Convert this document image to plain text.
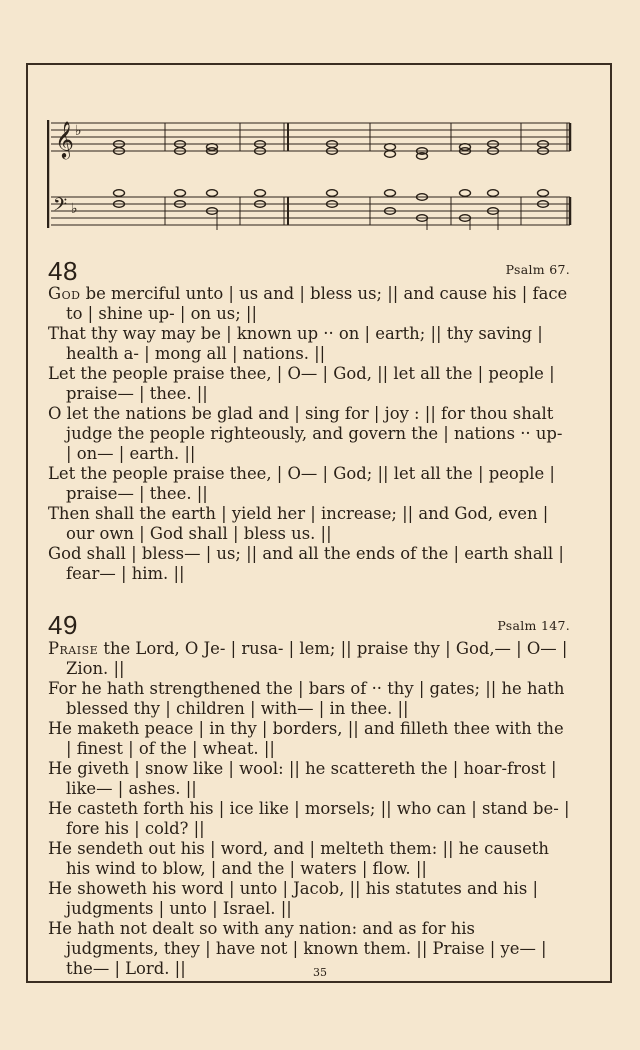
𝄞 ♭
𝄢 ♭
48	Psalm 67.

God be merciful unto | us and | bless us; || and cause his | face to | shine up- | on us; ||

That thy way may be | known up ·· on | earth; || thy saving | health a- | mong all | nations. ||

Let the people praise thee, | O— | God, || let all the | people | praise— | thee. ||

O let the nations be glad and | sing for | joy : || for thou shalt judge the people righteously, and govern the | nations ·· up- | on— | earth. ||

Let the people praise thee, | O— | God; || let all the | people | praise— | thee. ||

Then shall the earth | yield her | increase; || and God, even | our own | God shall | bless us. ||

God shall | bless— | us; || and all the ends of the | earth shall | fear— | him. ||

49	Psalm 147.

Praise the Lord, O Je- | rusa- | lem; || praise thy | God,— | O— | Zion. ||

For he hath strengthened the | bars of ·· thy | gates; || he hath blessed thy | children | with— | in thee. ||

He maketh peace | in thy | borders, || and filleth thee with the | finest | of the | wheat. ||

He giveth | snow like | wool: || he scattereth the | hoar-frost | like— | ashes. ||

He casteth forth his | ice like | morsels; || who can | stand be- | fore his | cold? ||

He sendeth out his | word, and | melteth them: || he causeth his wind to blow, | and the | waters | flow. ||

He showeth his word | unto | Jacob, || his statutes and his | judgments | unto | Israel. ||

He hath not dealt so with any nation: and as for his judgments, they | have not | known them. || Praise | ye— | the— | Lord. ||	35
